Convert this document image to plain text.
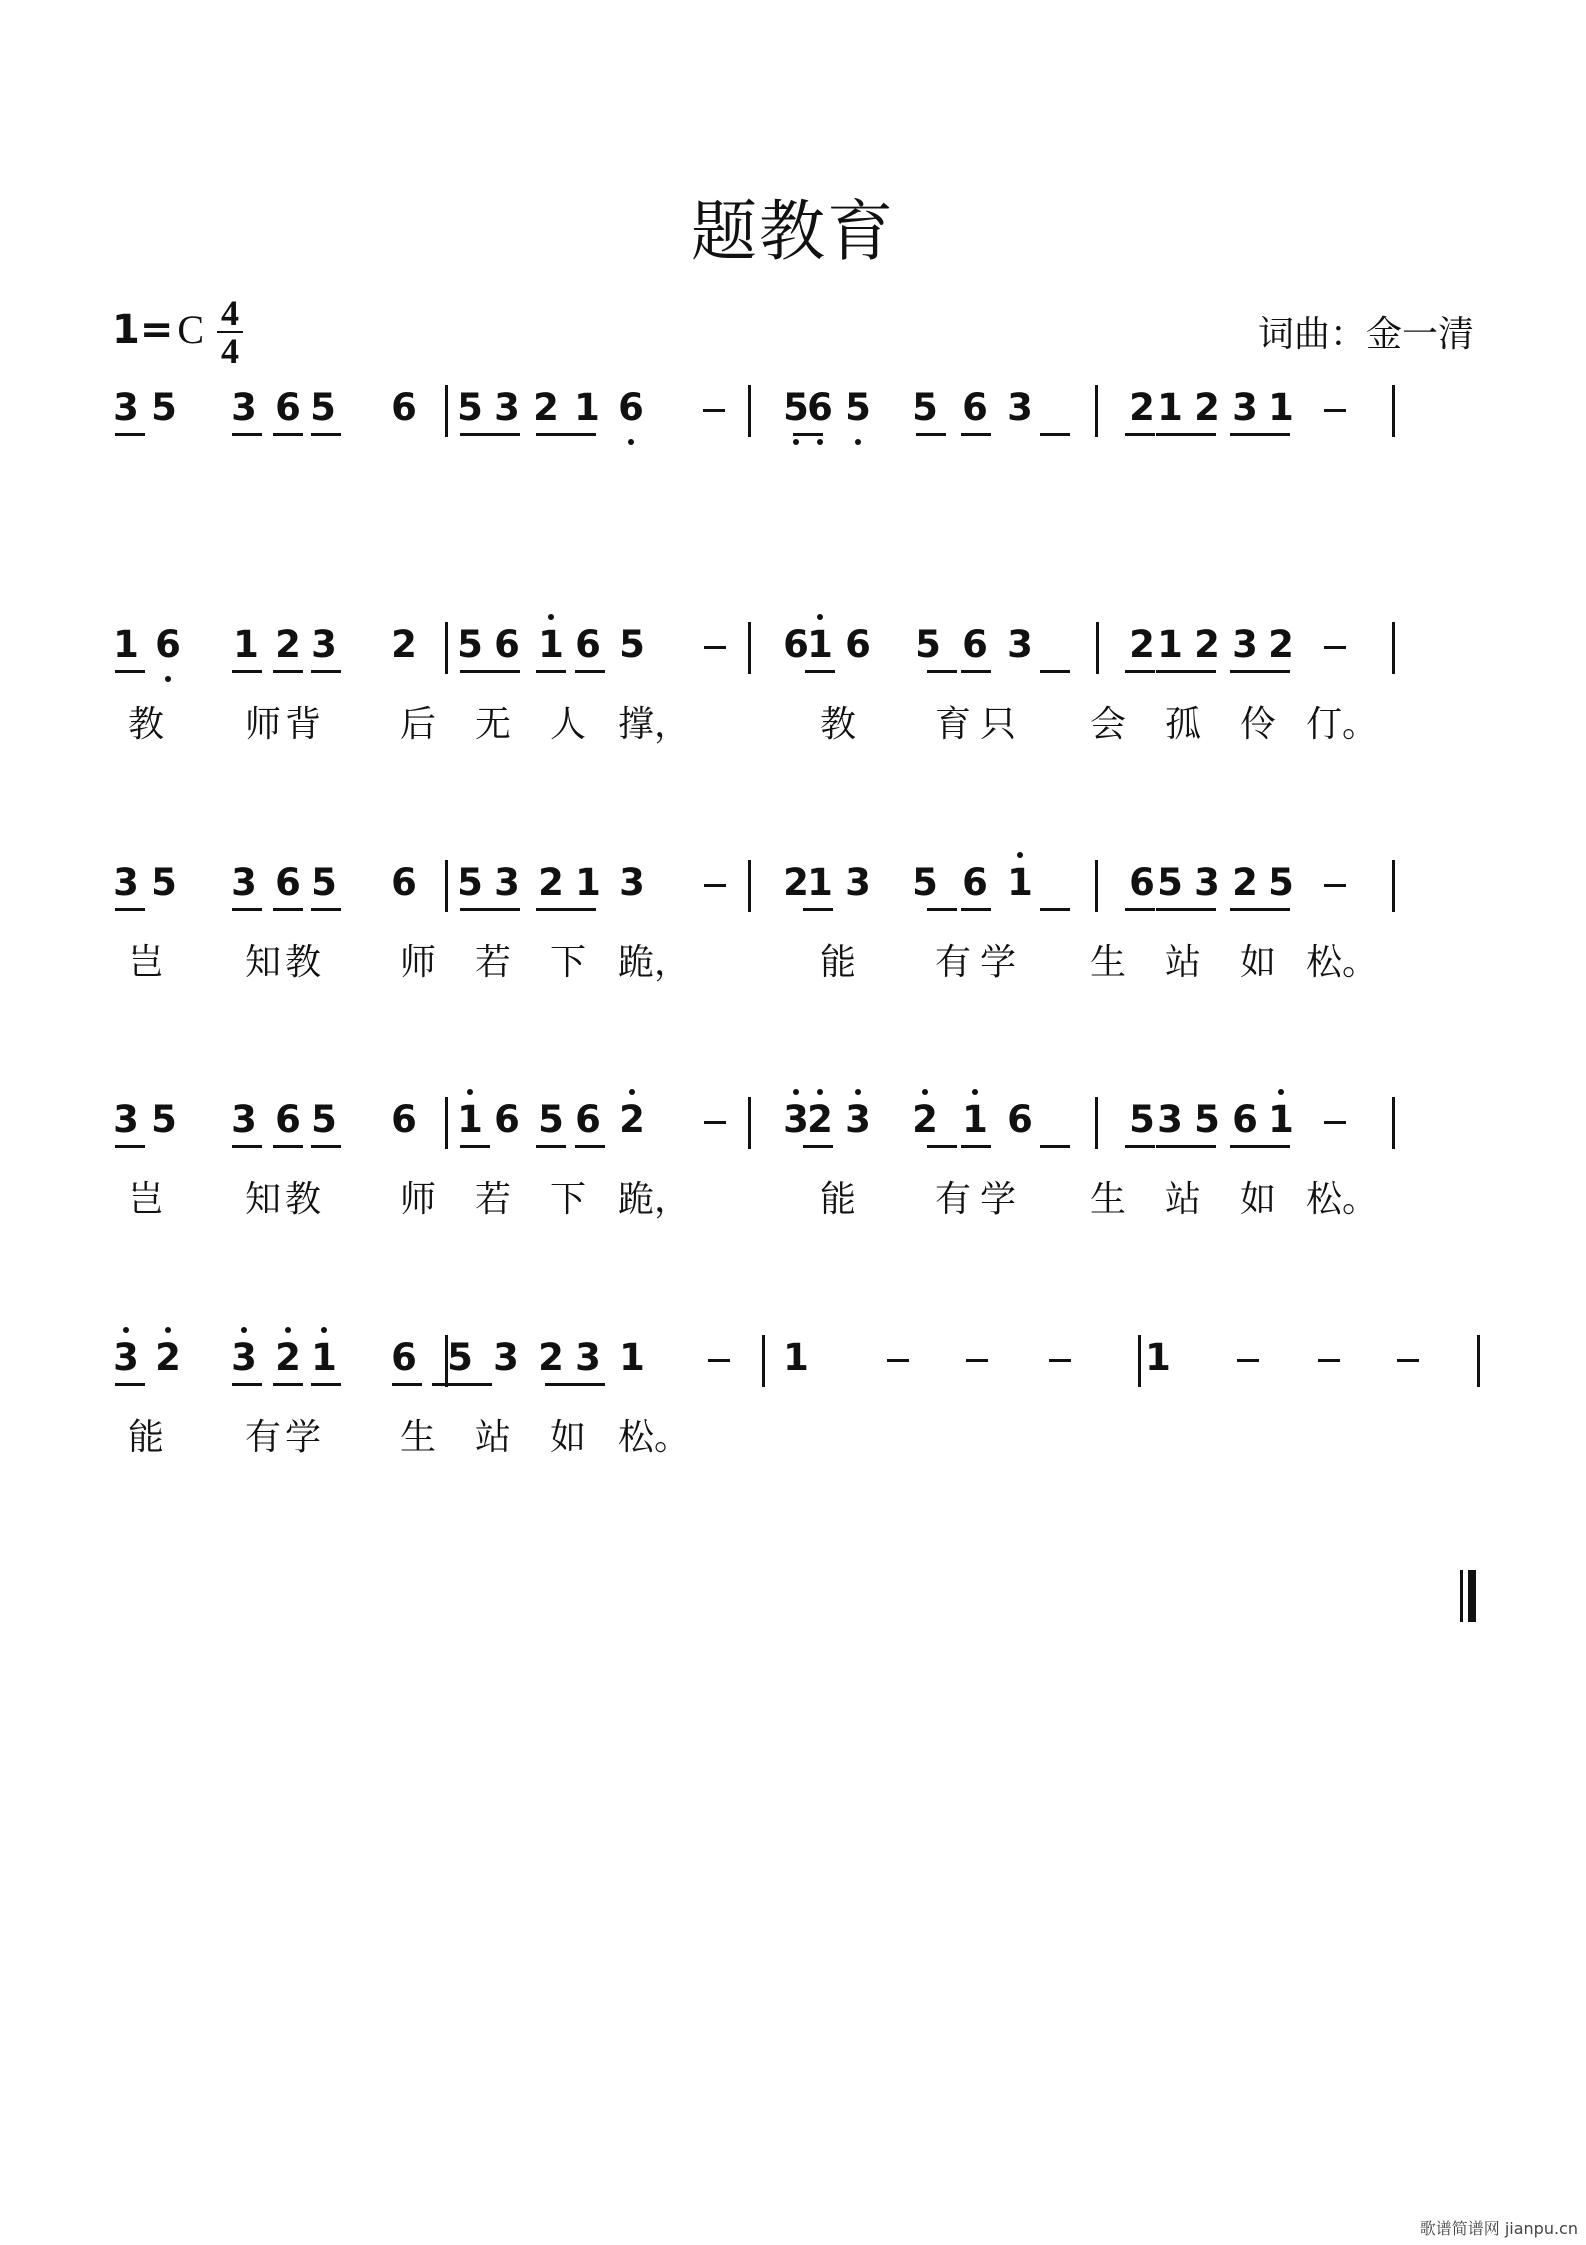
题教育
1= C 4
4	词曲：金一清
3 5 3 6 5 6 5 3 2 1 6	5
6 5 5 6 3	2 1 2 3 1
1 6 1 2 3 2 5 6 1 6 5	6
1 6 5 6 3	2 1 2 3 2
教 师 背 后 无 人 撑，	教 育 只 会 孤 伶 仃。
3 5 3 6 5 6 5 3 2 1 3	2
1 3 5 6 1	6 5 3 2 5
岂 知 教 师 若 下 跪，	能 有 学 生 站 如 松。
3 5 3 6 5 6 1 6 5 6 2	3
2 3 2 1 6	5 3 5 6 1
岂 知 教 师 若 下 跪，	能 有 学 生 站 如 松。
3 2 3 2 1 6 5 3 2 3 1	1	1
能 有 学 生 站 如 松。
歌谱简谱网 jianpu.cn
